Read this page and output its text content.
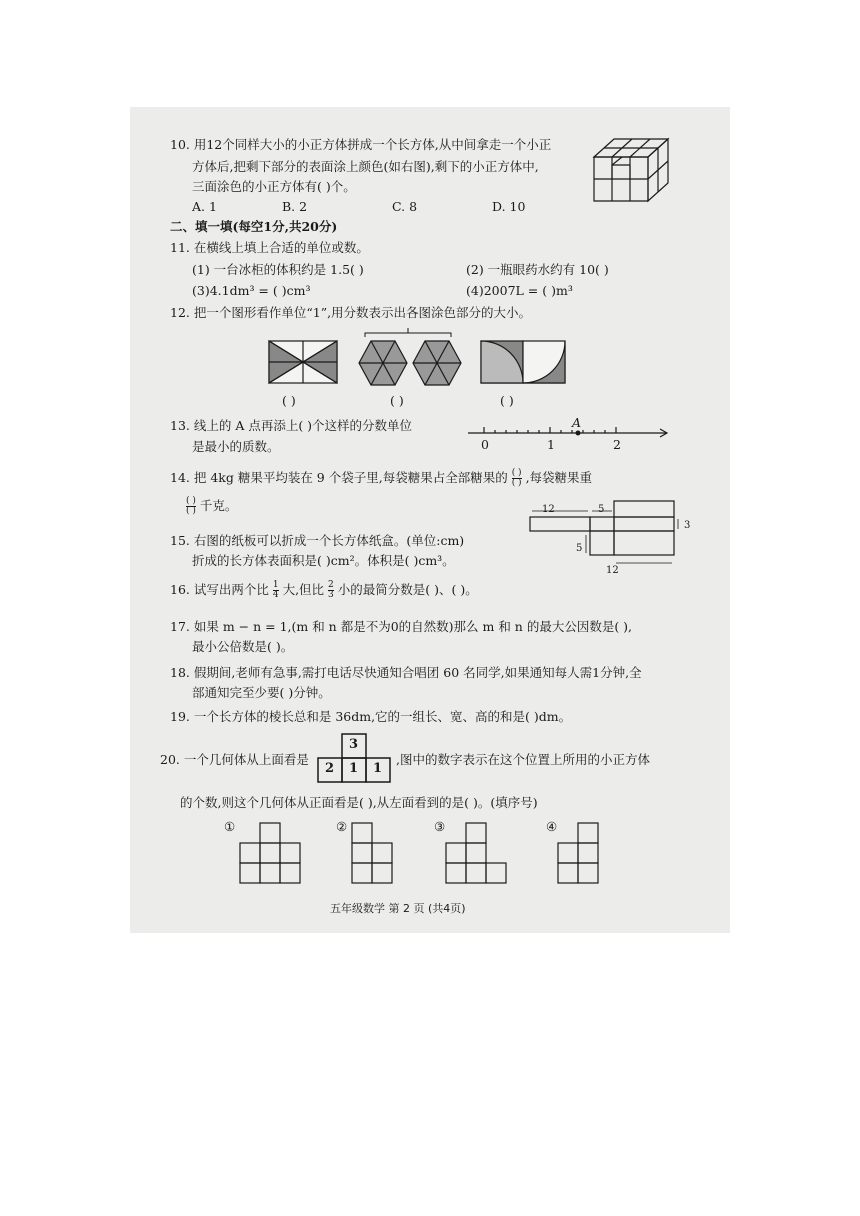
10. 用12个同样大小的小正方体拼成一个长方体,从中间拿走一个小正
方体后,把剩下部分的表面涂上颜色(如右图),剩下的小正方体中,
三面涂色的小正方体有( )个。
A. 1	B. 2	C. 8	D. 10
二、填一填(每空1分,共20分)
11. 在横线上填上合适的单位或数。
(1) 一台冰柜的体积约是 1.5( )	(2) 一瓶眼药水约有 10( )
(3)4.1dm³ = ( )cm³	(4)2007L = ( )m³
12. 把一个图形看作单位“1”,用分数表示出各图涂色部分的大小。
( )	( )	( )
13. 线上的 A 点再添上( )个这样的分数单位
是最小的质数。	0	1
A
2
14. 把 4kg 糖果平均装在 9 个袋子里,每袋糖果占全部糖果的 $\frac{( )}{( )}$ ,每袋糖果重
$\frac{( )}{( )}$ 千克。	12	5
3
5
12
15. 右图的纸板可以折成一个长方体纸盒。(单位:cm)
折成的长方体表面积是( )cm²。体积是( )cm³。
16. 试写出两个比 $\frac{1}{4}$ 大,但比 $\frac{2}{3}$ 小的最简分数是( )、( )。
17. 如果 m − n = 1,(m 和 n 都是不为0的自然数)那么 m 和 n 的最大公因数是( ),
最小公倍数是( )。
18. 假期间,老师有急事,需打电话尽快通知合唱团 60 名同学,如果通知每人需1分钟,全
部通知完至少要( )分钟。
19. 一个长方体的棱长总和是 36dm,它的一组长、宽、高的和是( )dm。
20. 一个几何体从上面看是
3
2 1 1
,图中的数字表示在这个位置上所用的小正方体
的个数,则这个几何体从正面看是( ),从左面看到的是( )。(填序号)
①	②	③	④
五年级数学 第 2 页 (共4页)
